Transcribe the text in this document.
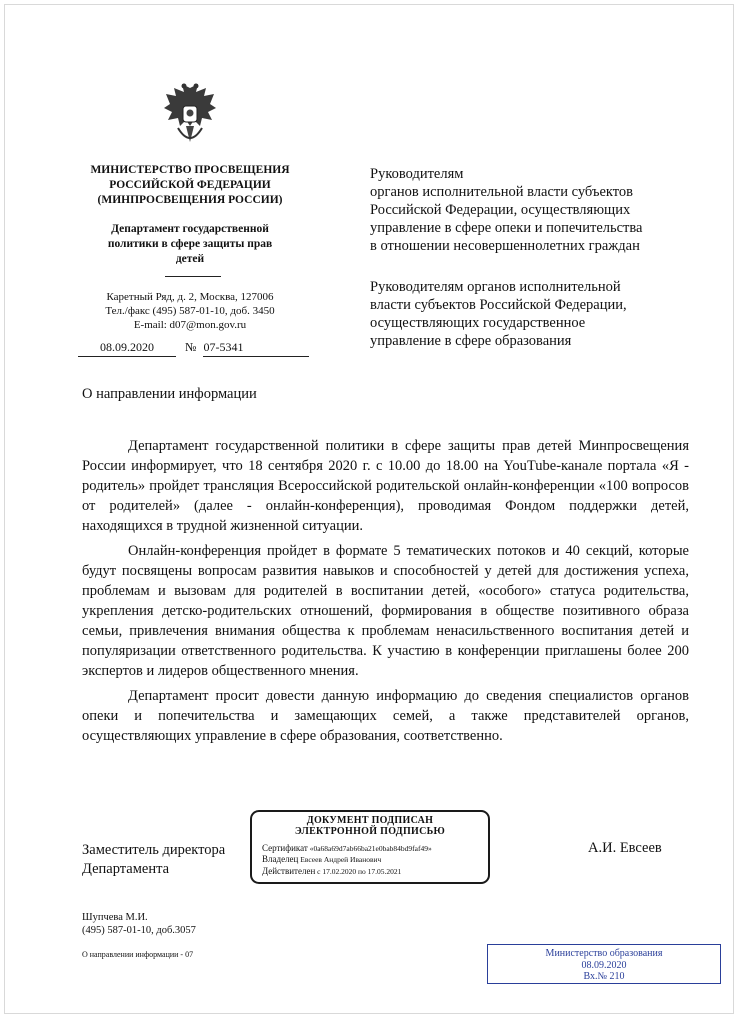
МИНИСТЕРСТВО ПРОСВЕЩЕНИЯ
РОССИЙСКОЙ ФЕДЕРАЦИИ
(МИНПРОСВЕЩЕНИЯ РОССИИ)
Департамент государственной
политики в сфере защиты прав
детей
Каретный Ряд, д. 2, Москва, 127006
Тел./факс (495) 587-01-10, доб. 3450
E-mail: d07@mon.gov.ru
08.09.2020	№ 07-5341
Руководителям
органов исполнительной власти субъектов
Российской Федерации, осуществляющих
управление в сфере опеки и попечительства
в отношении несовершеннолетних граждан
Руководителям органов исполнительной
власти субъектов Российской Федерации,
осуществляющих государственное
управление в сфере образования
О направлении информации

Департамент государственной политики в сфере защиты прав детей Минпросвещения России информирует, что 18 сентября 2020 г. с 10.00 до 18.00 на YouTube-канале портала «Я - родитель» пройдет трансляция Всероссийской родительской онлайн-конференции «100 вопросов от родителей» (далее - онлайн-конференция), проводимая Фондом поддержки детей, находящихся в трудной жизненной ситуации.

Онлайн-конференция пройдет в формате 5 тематических потоков и 40 секций, которые будут посвящены вопросам развития навыков и способностей у детей для достижения успеха, проблемам и вызовам для родителей в воспитании детей, «особого» статуса родительства, укрепления детско-родительских отношений, формирования в обществе позитивного образа семьи, привлечения внимания общества к проблемам ненасильственного воспитания детей и популяризации ответственного родительства. К участию в конференции приглашены более 200 экспертов и лидеров общественного мнения.

Департамент просит довести данную информацию до сведения специалистов органов опеки и попечительства и замещающих семей, а также представителей органов, осуществляющих управление в сфере образования, соответственно.

Заместитель директора
Департамента
А.И. Евсеев
ДОКУМЕНТ ПОДПИСАН
ЭЛЕКТРОННОЙ ПОДПИСЬЮ
Сертификат «0a68a69d7ab66ba21e0bab84bd9faf49»
Владелец Евсеев Андрей Иванович
Действителен с 17.02.2020 по 17.05.2021
Шупчева М.И.
(495) 587-01-10, доб.3057
О направлении информации - 07	Министерство образования
08.09.2020
Вх.№ 210
